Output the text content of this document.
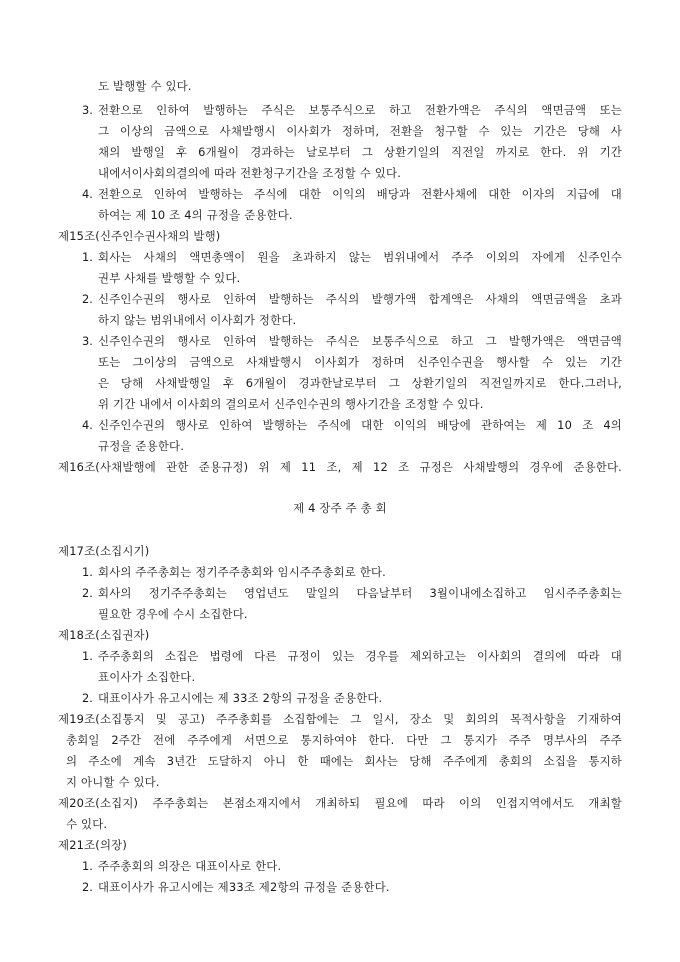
도 발행할 수 있다.
3. 전환으로 인하여 발행하는 주식은 보통주식으로 하고 전환가액은 주식의 액면금액 또는
그 이상의 금액으로 사채발행시 이사회가 정하며, 전환을 청구할 수 있는 기간은 당해 사
채의 발행일 후 6개월이 경과하는 날로부터 그 상환기일의 직전일 까지로 한다. 위 기간
내에서이사회의결의에 따라 전환청구기간을 조정할 수 있다.
4. 전환으로 인하여 발행하는 주식에 대한 이익의 배당과 전환사채에 대한 이자의 지급에 대
하여는 제 10 조 4의 규정을 준용한다.
제15조(신주인수권사채의 발행)
1. 회사는 사채의 액면총액이 원을 초과하지 않는 범위내에서 주주 이외의 자에게 신주인수
권부 사채를 발행할 수 있다.
2. 신주인수권의 행사로 인하여 발행하는 주식의 발행가액 합계액은 사채의 액면금액을 초과
하지 않는 범위내에서 이사회가 정한다.
3. 신주인수권의 행사로 인하여 발행하는 주식은 보통주식으로 하고 그 발행가액은 액면금액
또는 그이상의 금액으로 사채발행시 이사회가 정하며 신주인수권을 행사할 수 있는 기간
은 당해 사채발행일 후 6개월이 경과한날로부터 그 상환기일의 직전일까지로 한다.그러나,
위 기간 내에서 이사회의 결의로서 신주인수권의 행사기간을 조정할 수 있다.
4. 신주인수권의 행사로 인하여 발행하는 주식에 대한 이익의 배당에 관하여는 제 10 조 4의
규정을 준용한다.
제16조(사채발행에 관한 준용규정) 위 제 11 조, 제 12 조 규정은 사채발행의 경우에 준용한다.
제 4 장주 주 총 회
제17조(소집시기)
1. 회사의 주주총회는 정기주주총회와 임시주주총회로 한다.
2. 회사의 정기주주총회는 영업년도 말일의 다음날부터 3월이내에소집하고 임시주주총회는
필요한 경우에 수시 소집한다.
제18조(소집권자)
1. 주주총회의 소집은 법령에 다른 규정이 있는 경우를 제외하고는 이사회의 결의에 따라 대
표이사가 소집한다.
2. 대표이사가 유고시에는 제 33조 2항의 규정을 준용한다.
제19조(소집통지 및 공고) 주주총회를 소집함에는 그 일시, 장소 및 회의의 목적사항을 기재하여
총회일 2주간 전에 주주에게 서면으로 통지하여야 한다. 다만 그 통지가 주주 명부사의 주주
의 주소에 계속 3년간 도달하지 아니 한 때에는 회사는 당해 주주에게 총회의 소집을 통지하
지 아니할 수 있다.
제20조(소집지) 주주총회는 본점소재지에서 개최하되 필요에 따라 이의 인접지역에서도 개최할
수 있다.
제21조(의장)
1. 주주총회의 의장은 대표이사로 한다.
2. 대표이사가 유고시에는 제33조 제2항의 규정을 준용한다.
